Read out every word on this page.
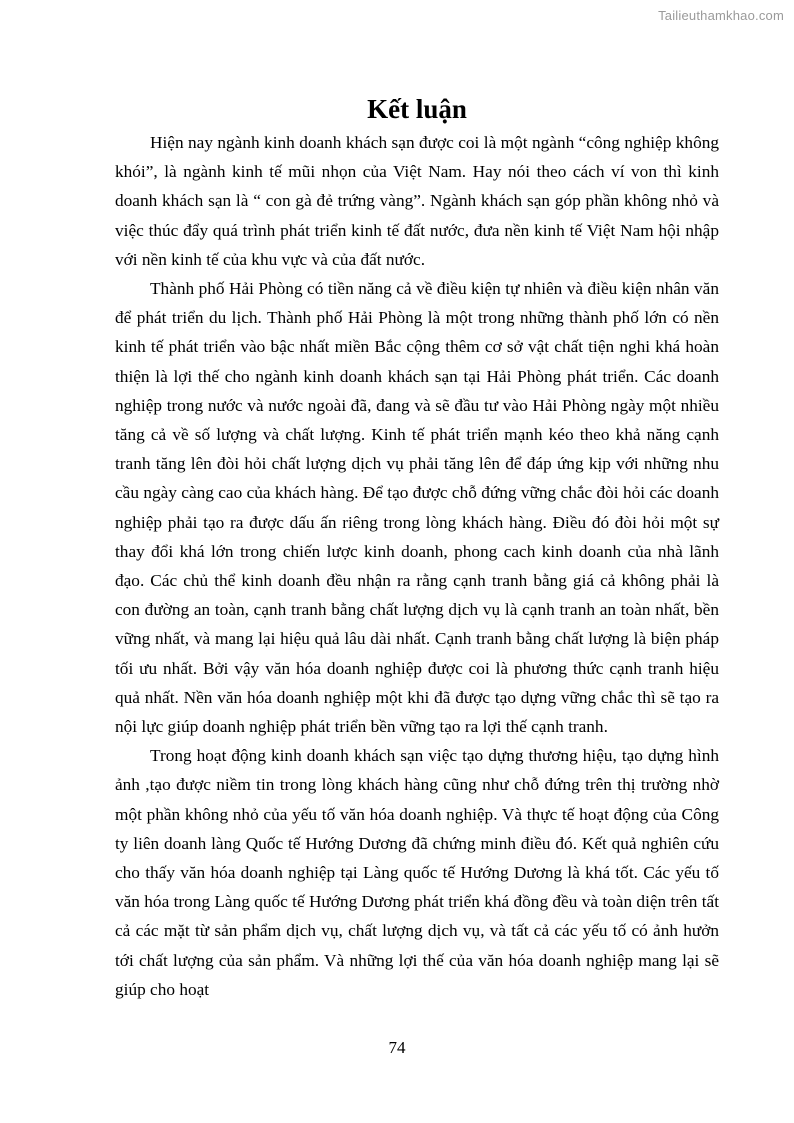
Tailieuthamkhao.com
Kết luận

Hiện nay ngành kinh doanh khách sạn được coi là một ngành “công nghiệp không khói”, là ngành kinh tế mũi nhọn của Việt Nam. Hay nói theo cách ví von thì kinh doanh khách sạn là “ con gà đẻ trứng vàng”. Ngành khách sạn góp phần không nhỏ và việc thúc đẩy quá trình phát triển kinh tế đất nước, đưa nền kinh tế Việt Nam hội nhập với nền kinh tế của khu vực và của đất nước.

Thành phố Hải Phòng có tiền năng cả về điều kiện tự nhiên và điều kiện nhân văn để phát triển du lịch. Thành phố Hải Phòng là một trong những thành phố lớn có nền kinh tế phát triển vào bậc nhất miền Bắc cộng thêm cơ sở vật chất tiện nghi khá hoàn thiện là lợi thế cho ngành kinh doanh khách sạn tại Hải Phòng phát triển. Các doanh nghiệp trong nước và nước ngoài đã, đang và sẽ đầu tư vào Hải Phòng ngày một nhiều tăng cả về số lượng và chất lượng. Kinh tế phát triển mạnh kéo theo khả năng cạnh tranh tăng lên đòi hỏi chất lượng dịch vụ phải tăng lên để đáp ứng kịp với những nhu cầu ngày càng cao của khách hàng. Để tạo được chỗ đứng vững chắc đòi hỏi các doanh nghiệp phải tạo ra được dấu ấn riêng trong lòng khách hàng. Điều đó đòi hỏi một sự thay đổi khá lớn trong chiến lược kinh doanh, phong cach kinh doanh của nhà lãnh đạo. Các chủ thể kinh doanh đều nhận ra rằng cạnh tranh bằng giá cả không phải là con đường an toàn, cạnh tranh bằng chất lượng dịch vụ là cạnh tranh an toàn nhất, bền vững nhất, và mang lại hiệu quả lâu dài nhất. Cạnh tranh bằng chất lượng là biện pháp tối ưu nhất. Bởi vậy văn hóa doanh nghiệp được coi là phương thức cạnh tranh hiệu quả nhất. Nền văn hóa doanh nghiệp một khi đã được tạo dựng vững chắc thì sẽ tạo ra nội lực giúp doanh nghiệp phát triển bền vững tạo ra lợi thế cạnh tranh.

Trong hoạt động kinh doanh khách sạn việc tạo dựng thương hiệu, tạo dựng hình ảnh ,tạo được niềm tin trong lòng khách hàng cũng như chỗ đứng trên thị trường nhờ một phần không nhỏ của yếu tố văn hóa doanh nghiệp. Và thực tế hoạt động của Công ty liên doanh làng Quốc tế Hướng Dương đã chứng minh điều đó. Kết quả nghiên cứu cho thấy văn hóa doanh nghiệp tại Làng quốc tế Hướng Dương là khá tốt. Các yếu tố văn hóa trong Làng quốc tế Hướng Dương phát triển khá đồng đều và toàn diện trên tất cả các mặt từ sản phẩm dịch vụ, chất lượng dịch vụ, và tất cả các yếu tố có ảnh hưởn tới chất lượng của sản phẩm. Và những lợi thế của văn hóa doanh nghiệp mang lại sẽ giúp cho hoạt

74
